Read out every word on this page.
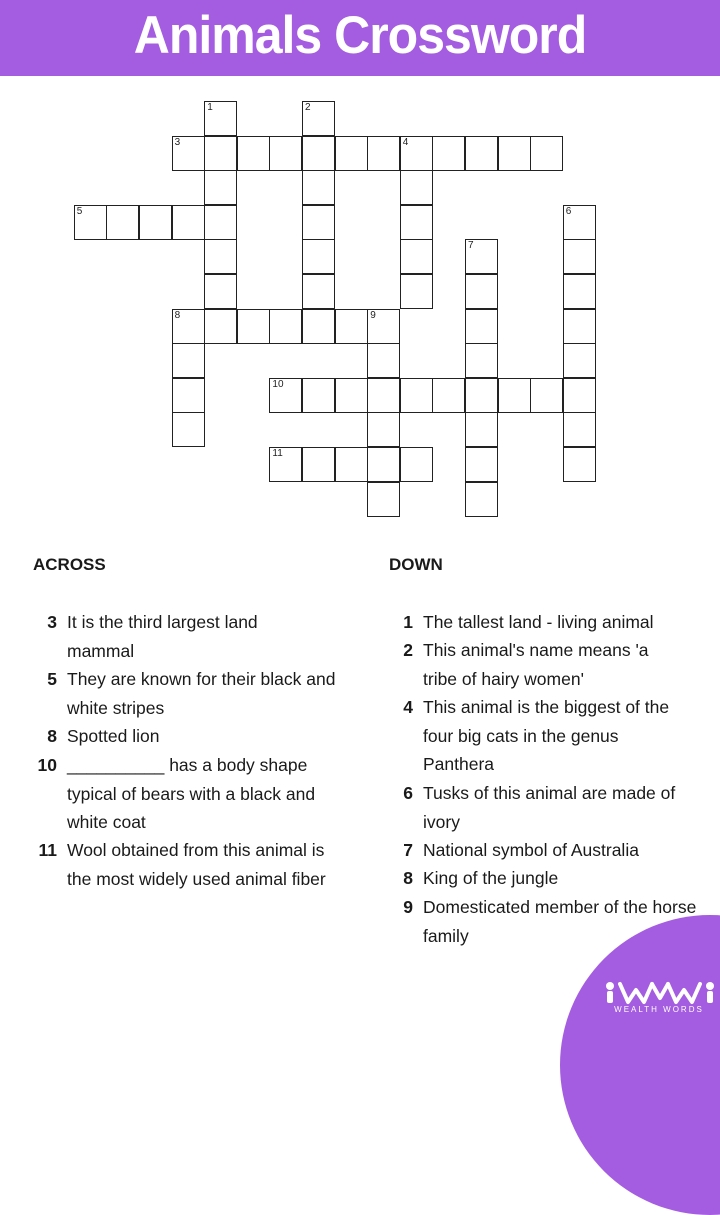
Animals Crossword
3	4
5
8	9
10
11
1	2
6
7
ACROSS	DOWN
3 It is the third largest land mammal
5 They are known for their black and white stripes
8 Spotted lion
10 __________ has a body shape typical of bears with a black and white coat
11 Wool obtained from this animal is the most widely used animal fiber
1 The tallest land - living animal
2 This animal's name means 'a tribe of hairy women'
4 This animal is the biggest of the four big cats in the genus Panthera
6 Tusks of this animal are made of ivory
7 National symbol of Australia
8 King of the jungle
9 Domesticated member of the horse family
WEALTH WORDS
